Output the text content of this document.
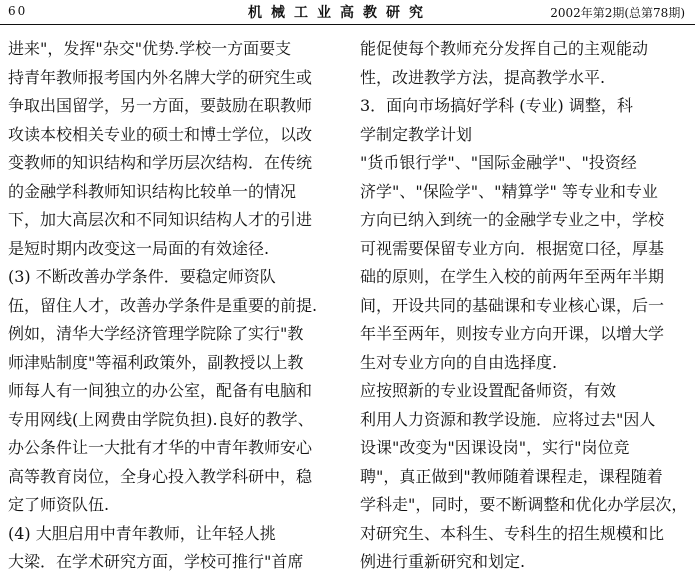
60	机械工业高教研究	2002年第2期(总第78期)
进来"，发挥"杂交"优势.学校一方面要支
持青年教师报考国内外名牌大学的研究生或
争取出国留学，另一方面，要鼓励在职教师
攻读本校相关专业的硕士和博士学位，以改
变教师的知识结构和学历层次结构．在传统
的金融学科教师知识结构比较单一的情况
下，加大高层次和不同知识结构人才的引进
是短时期内改变这一局面的有效途径.
(3) 不断改善办学条件．要稳定师资队
伍，留住人才，改善办学条件是重要的前提.
例如，清华大学经济管理学院除了实行"教
师津贴制度"等福利政策外，副教授以上教
师每人有一间独立的办公室，配备有电脑和
专用网线(上网费由学院负担).良好的教学、
办公条件让一大批有才华的中青年教师安心
高等教育岗位，全身心投入教学科研中，稳
定了师资队伍.
(4) 大胆启用中青年教师，让年轻人挑
大梁．在学术研究方面，学校可推行"首席
能促使每个教师充分发挥自己的主观能动
性，改进教学方法，提高教学水平.
3．面向市场搞好学科 (专业) 调整，科
学制定教学计划
"货币银行学"、"国际金融学"、"投资经
济学"、"保险学"、"精算学" 等专业和专业
方向已纳入到统一的金融学专业之中，学校
可视需要保留专业方向．根据宽口径，厚基
础的原则，在学生入校的前两年至两年半期
间，开设共同的基础课和专业核心课，后一
年半至两年，则按专业方向开课，以增大学
生对专业方向的自由选择度.
应按照新的专业设置配备师资，有效
利用人力资源和教学设施．应将过去"因人
设课"改变为"因课设岗"，实行"岗位竞
聘"，真正做到"教师随着课程走，课程随着
学科走"，同时，要不断调整和优化办学层次，
对研究生、本科生、专科生的招生规模和比
例进行重新研究和划定.
